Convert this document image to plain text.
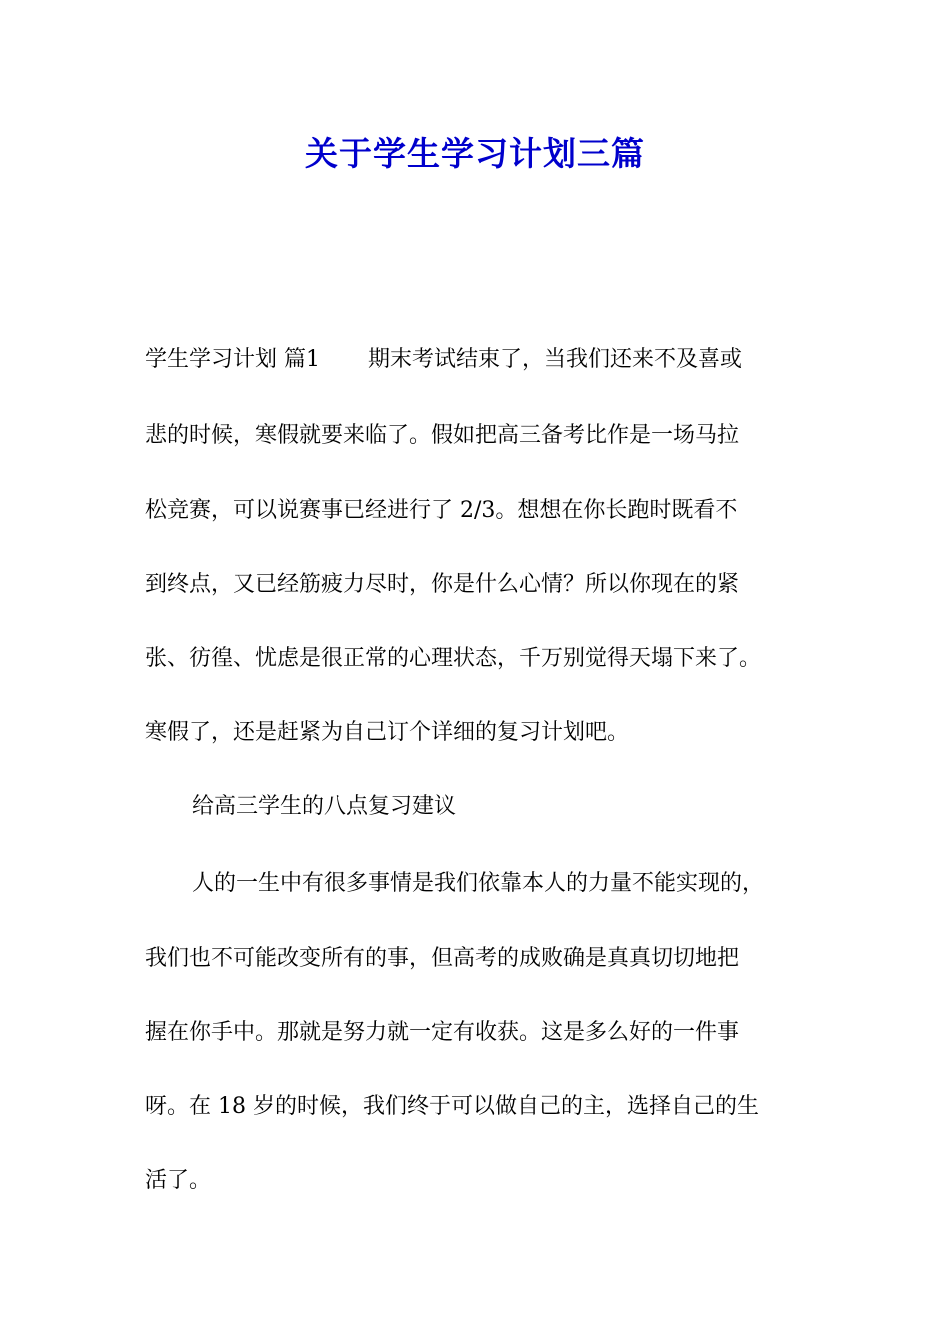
关于学生学习计划三篇
学生学习计划 篇1 期末考试结束了，当我们还来不及喜或
悲的时候，寒假就要来临了。假如把高三备考比作是一场马拉
松竞赛，可以说赛事已经进行了 2/3。想想在你长跑时既看不
到终点，又已经筋疲力尽时，你是什么心情？所以你现在的紧
张、彷徨、忧虑是很正常的心理状态，千万别觉得天塌下来了。
寒假了，还是赶紧为自己订个详细的复习计划吧。
给高三学生的八点复习建议
人的一生中有很多事情是我们依靠本人的力量不能实现的，
我们也不可能改变所有的事，但高考的成败确是真真切切地把
握在你手中。那就是努力就一定有收获。这是多么好的一件事
呀。在 18 岁的时候，我们终于可以做自己的主，选择自己的生
活了。
